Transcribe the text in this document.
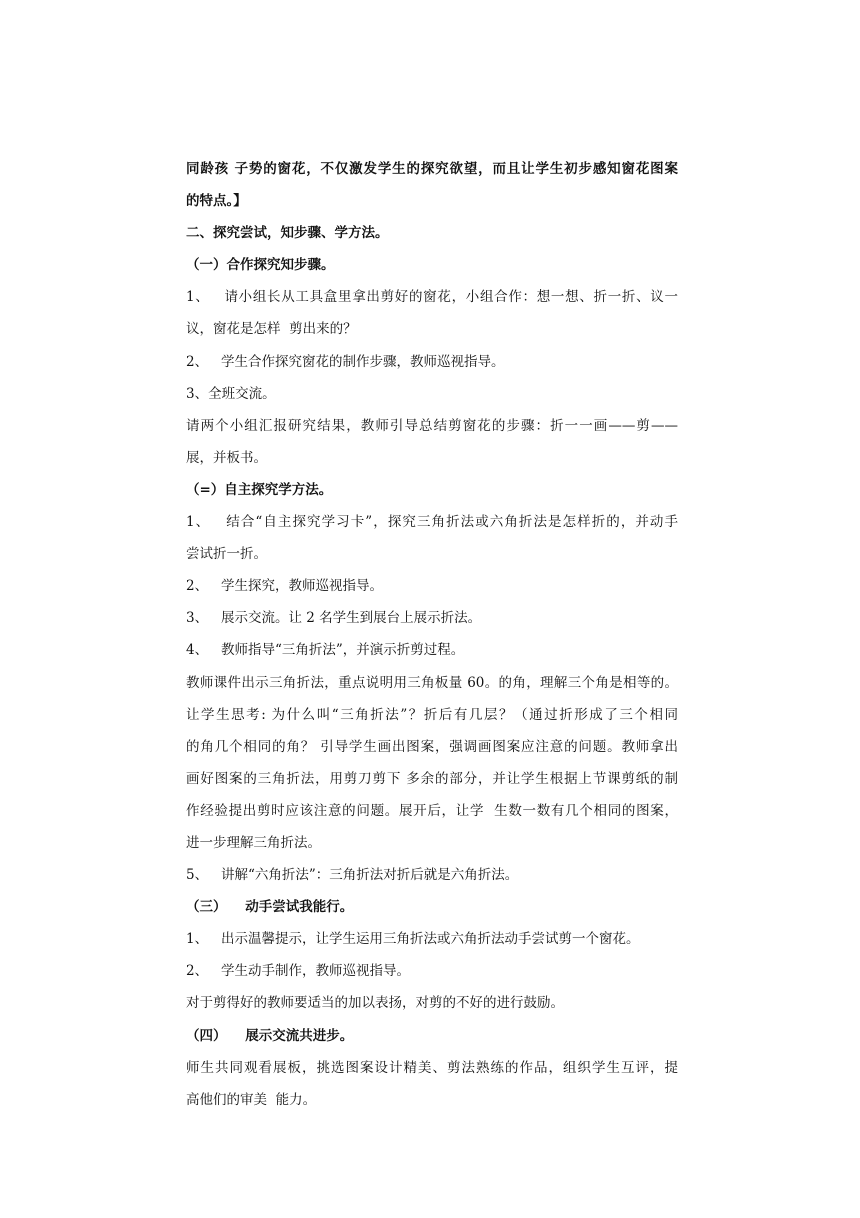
同龄孩 子势的窗花，不仅激发学生的探究欲望，而且让学生初步感知窗花图案
的特点。】
二、探究尝试，知步骤、学方法。
（一）合作探究知步骤。
1、   请小组长从工具盒里拿出剪好的窗花，小组合作：想一想、折一折、议一
议，窗花是怎样  剪出来的？
2、   学生合作探究窗花的制作步骤，教师巡视指导。
3、全班交流。
请两个小组汇报研究结果，教师引导总结剪窗花的步骤：折一一画——剪——
展，并板书。
（=）自主探究学方法。
1、   结合“自主探究学习卡”，探究三角折法或六角折法是怎样折的，并动手
尝试折一折。
2、   学生探究，教师巡视指导。
3、   展示交流。让 2 名学生到展台上展示折法。
4、   教师指导“三角折法”，并演示折剪过程。
教师课件出示三角折法，重点说明用三角板量 60。的角，理解三个角是相等的。
让学生思考: 为什么叫“三角折法”？折后有几层？（通过折形成了三个相同
的角几个相同的角？ 引导学生画出图案，强调画图案应注意的问题。教师拿出
画好图案的三角折法，用剪刀剪下 多余的部分，并让学生根据上节课剪纸的制
作经验提出剪时应该注意的问题。展开后，让学  生数一数有几个相同的图案，
进一步理解三角折法。
5、   讲解“六角折法”：三角折法对折后就是六角折法。
（三）    动手尝试我能行。
1、   出示温馨提示，让学生运用三角折法或六角折法动手尝试剪一个窗花。
2、   学生动手制作，教师巡视指导。
对于剪得好的教师要适当的加以表扬，对剪的不好的进行鼓励。
（四）    展示交流共进步。
师生共同观看展板，挑选图案设计精美、剪法熟练的作品，组织学生互评，提
高他们的审美  能力。
